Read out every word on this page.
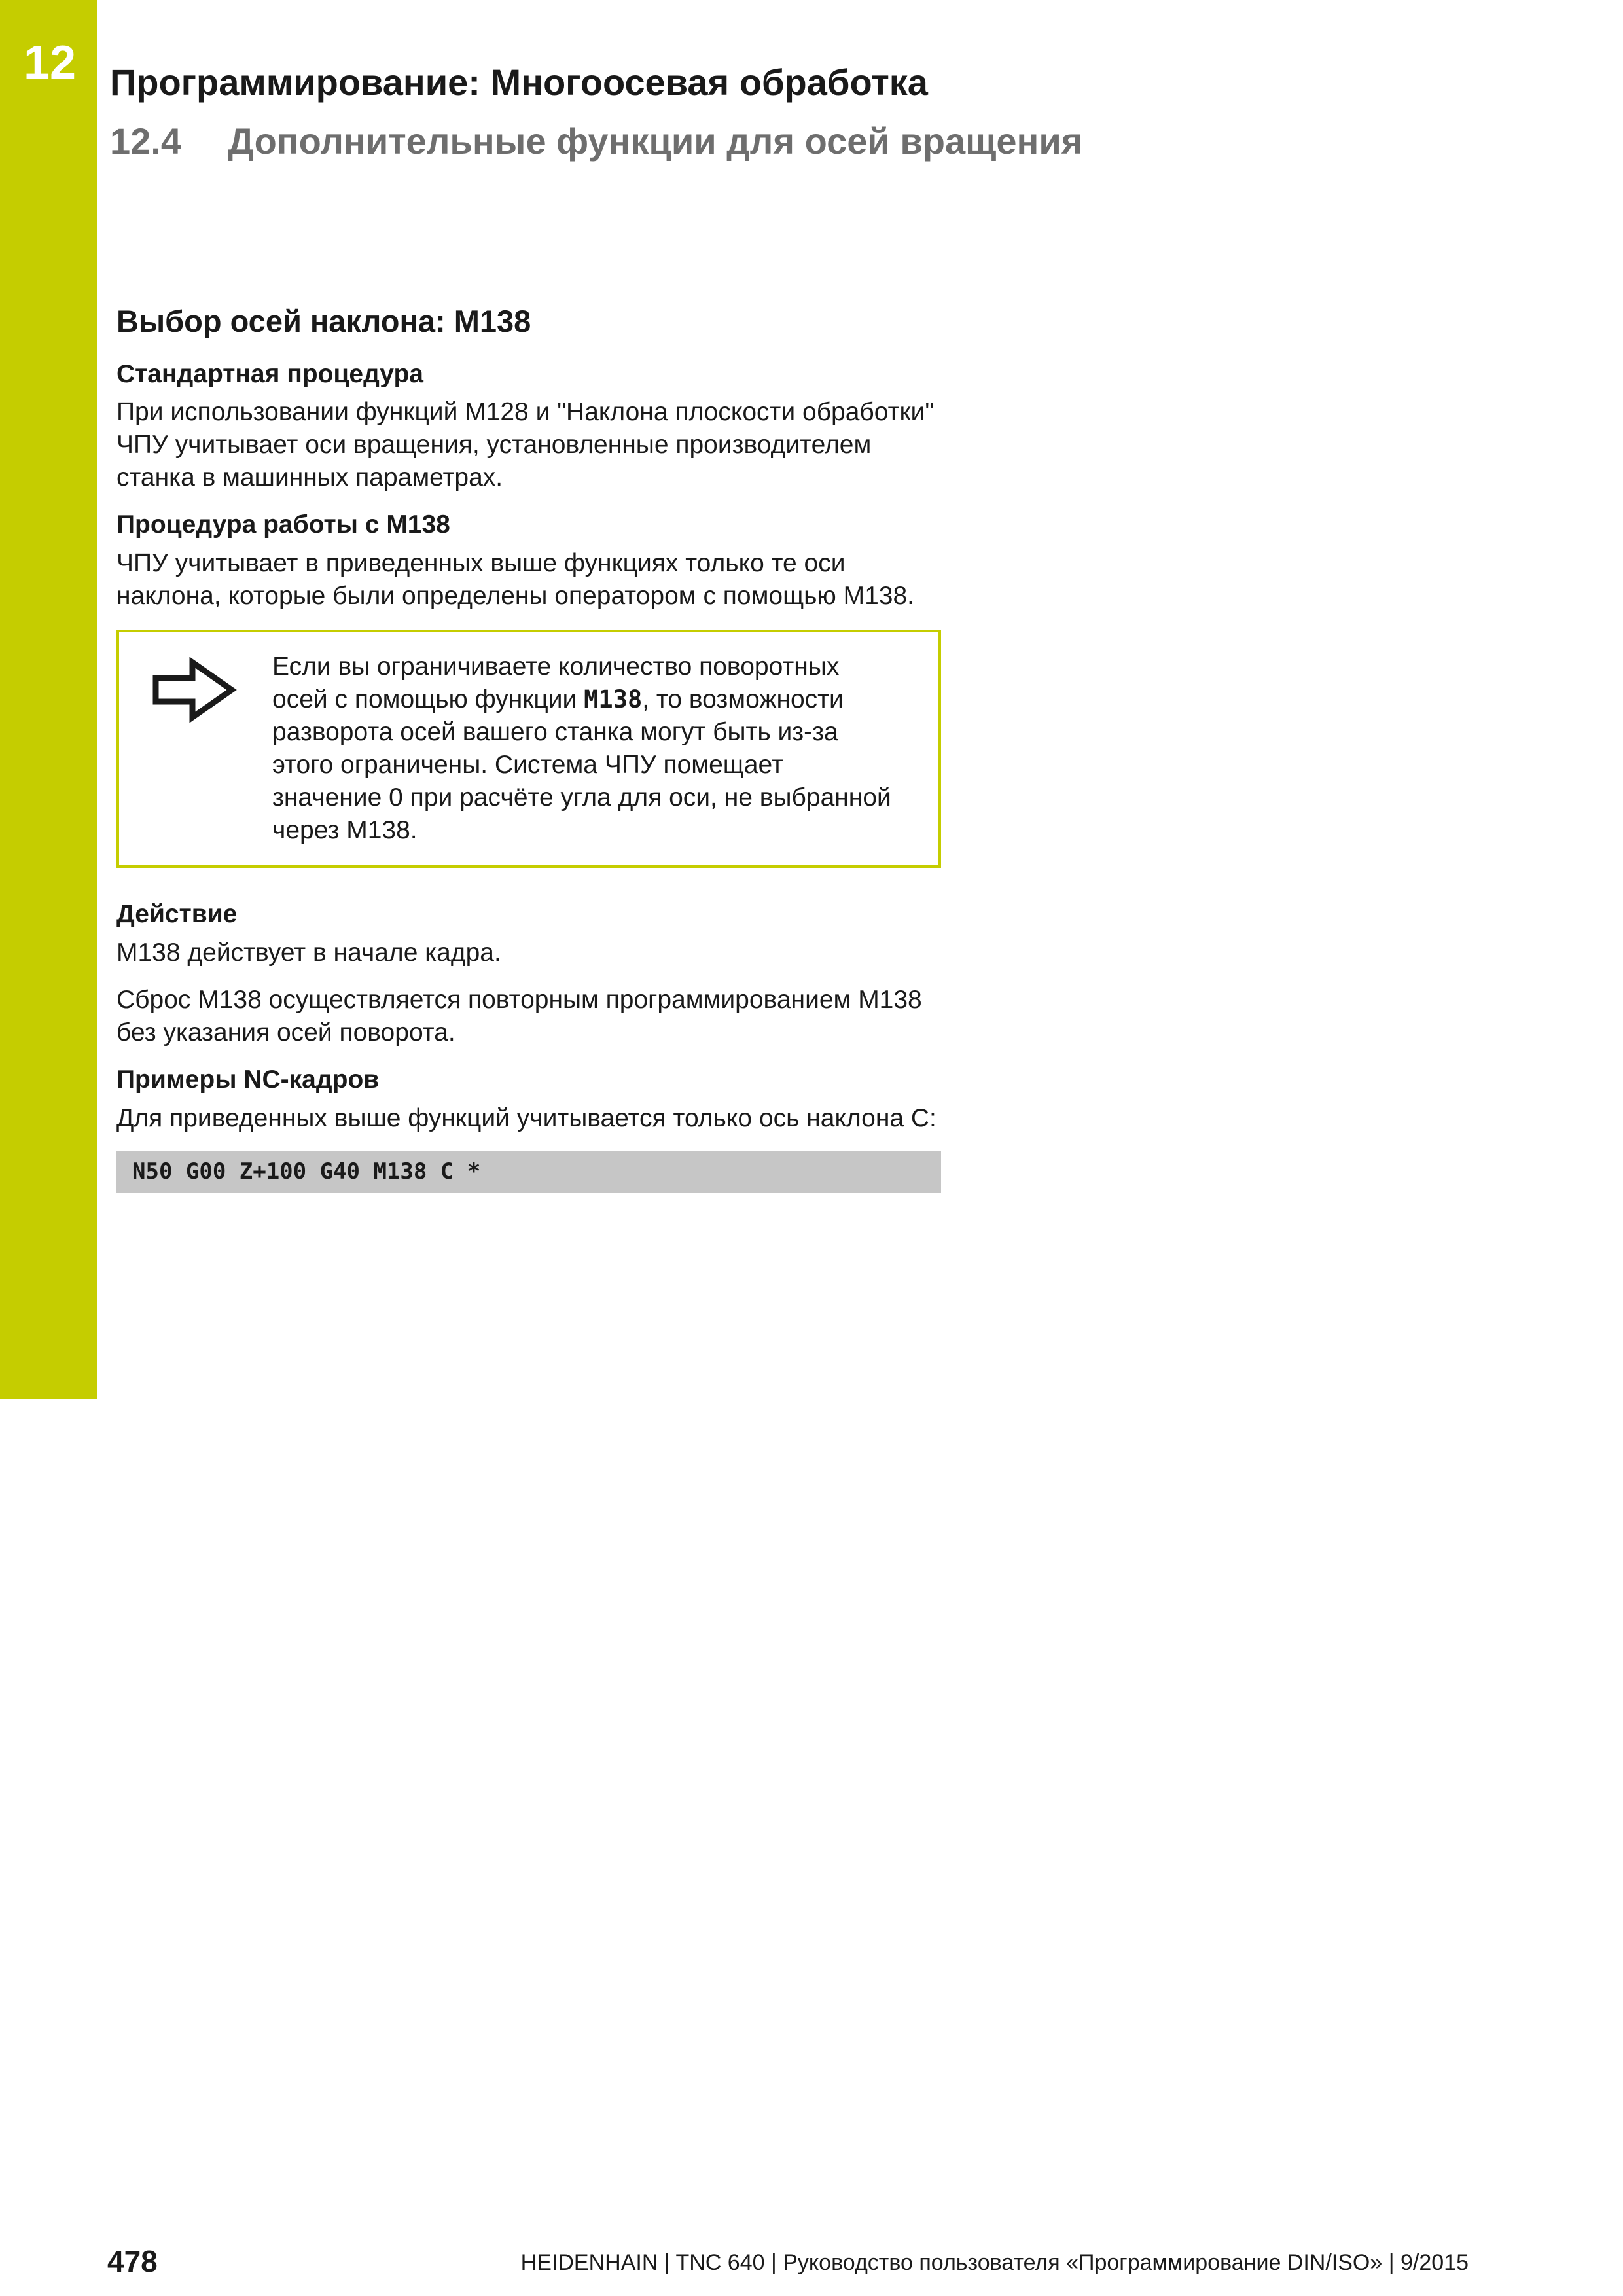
12 Программирование: Многоосевая обработка
12.4 Дополнительные функции для осей вращения
Выбор осей наклона: M138
Стандартная процедура

При использовании функций M128 и "Наклона плоскости обработки" ЧПУ учитывает оси вращения, установленные производителем станка в машинных параметрах.

Процедура работы с M138

ЧПУ учитывает в приведенных выше функциях только те оси наклона, которые были определены оператором с помощью M138.

Если вы ограничиваете количество поворотных осей с помощью функции M138, то возможности разворота осей вашего станка могут быть из-за этого ограничены. Система ЧПУ помещает значение 0 при расчёте угла для оси, не выбранной через M138.

Действие

M138 действует в начале кадра.

Сброс M138 осуществляется повторным программированием M138 без указания осей поворота.

Примеры NC-кадров

Для приведенных выше функций учитывается только ось наклона C:

N50 G00 Z+100 G40 M138 C *
478	HEIDENHAIN | TNC 640 | Руководство пользователя «Программирование DIN/ISO» | 9/2015
